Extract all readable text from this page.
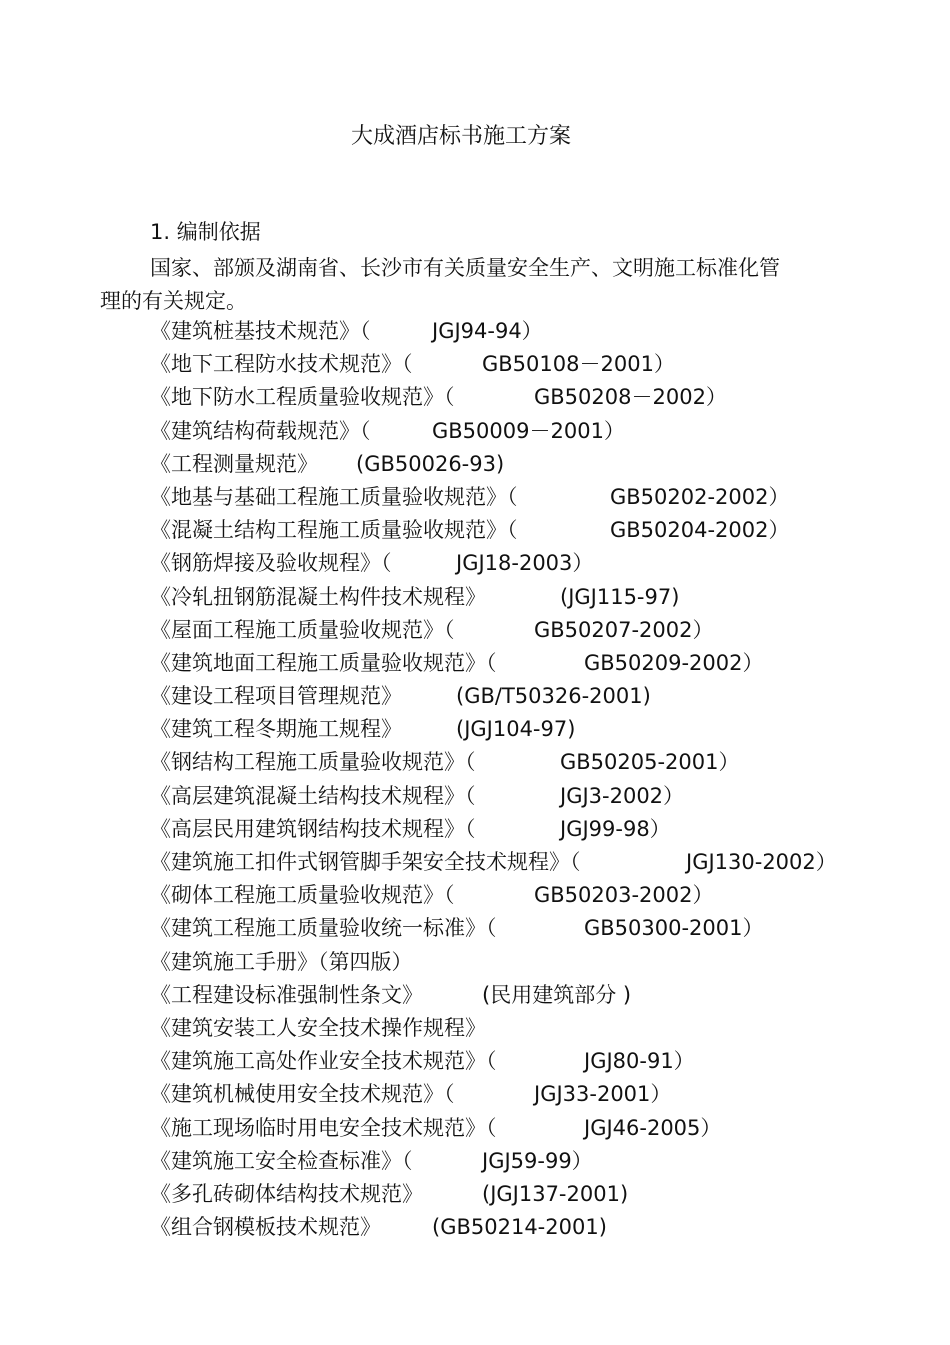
大成酒店标书施工方案
1. 编制依据
国家、部颁及湖南省、长沙市有关质量安全生产、文明施工标准化管理的有关规定。
《建筑桩基技术规范》（	JGJ94-94）
《地下工程防水技术规范》（	GB50108－2001）
《地下防水工程质量验收规范》（	GB50208－2002）
《建筑结构荷载规范》（	GB50009－2001）
《工程测量规范》 (GB50026-93)
《地基与基础工程施工质量验收规范》（	GB50202-2002）
《混凝土结构工程施工质量验收规范》（	GB50204-2002）
《钢筋焊接及验收规程》（	JGJ18-2003）
《冷轧扭钢筋混凝土构件技术规程》	(JGJ115-97)
《屋面工程施工质量验收规范》（	GB50207-2002）
《建筑地面工程施工质量验收规范》（	GB50209-2002）
《建设工程项目管理规范》	(GB/T50326-2001)
《建筑工程冬期施工规程》	(JGJ104-97)
《钢结构工程施工质量验收规范》（	GB50205-2001）
《高层建筑混凝土结构技术规程》（	JGJ3-2002）
《高层民用建筑钢结构技术规程》（	JGJ99-98）
《建筑施工扣件式钢管脚手架安全技术规程》（	JGJ130-2002）
《砌体工程施工质量验收规范》（	GB50203-2002）
《建筑工程施工质量验收统一标准》（	GB50300-2001）
《建筑施工手册》（第四版）
《工程建设标准强制性条文》	(民用建筑部分 )
《建筑安装工人安全技术操作规程》
《建筑施工高处作业安全技术规范》（	JGJ80-91）
《建筑机械使用安全技术规范》（	JGJ33-2001）
《施工现场临时用电安全技术规范》（	JGJ46-2005）
《建筑施工安全检查标准》（	JGJ59-99）
《多孔砖砌体结构技术规范》	(JGJ137-2001)
《组合钢模板技术规范》 (GB50214-2001)
